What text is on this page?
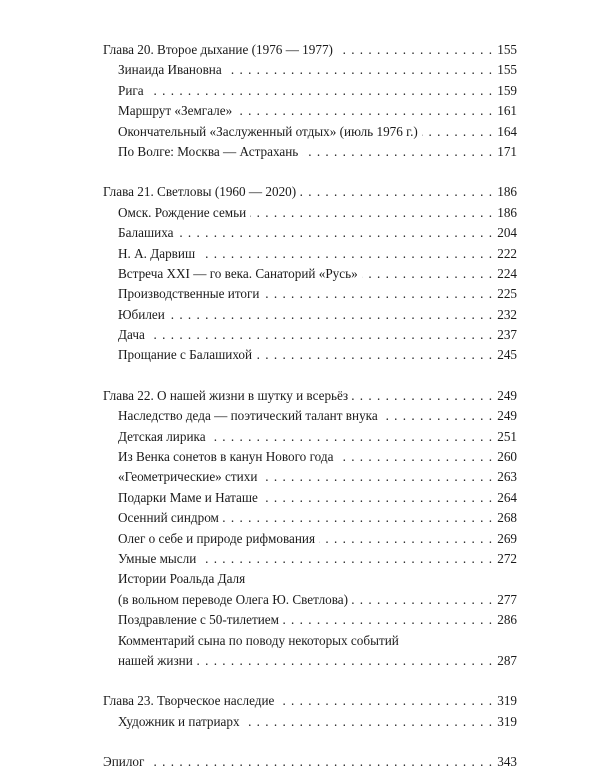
. . .
Глава 20. Второе дыхание (1976 — 1977)	155
. . .
Зинаида Ивановна	155
. . .
Рига	159
. . .
Маршрут «Земгале»	161
. . .
Окончательный «Заслуженный отдых» (июль 1976 г.)	164
. . .
По Волге: Москва — Астрахань	171
. . .
Глава 21. Светловы (1960 — 2020)	186
. . .
Омск. Рождение семьи	186
. . .
Балашиха	204
. . .
Н. А. Дарвиш	222
. . .
Встреча XXI — го века. Санаторий «Русь»	224
. . .
Производственные итоги	225
. . .
Юбилеи	232
. . .
Дача	237
. . .
Прощание с Балашихой	245
. . .
Глава 22. О нашей жизни в шутку и всерьёз	249
. . .
Наследство деда — поэтический талант внука	249
. . .
Детская лирика	251
. . .
Из Венка сонетов в канун Нового года	260
. . .
«Геометрические» стихи	263
. . .
Подарки Маме и Наташе	264
. . .
Осенний синдром	268
. . .
Олег о себе и природе рифмования	269
. . .
Умные мысли	272
Истории Роальда Даля
. . .
(в вольном переводе Олега Ю. Светлова)	277
. . .
Поздравление с 50-тилетием	286
Комментарий сына по поводу некоторых событий
. . .
нашей жизни	287
. . .
Глава 23. Творческое наследие	319
. . .
Художник и патриарх	319
. . .
Эпилог	343
